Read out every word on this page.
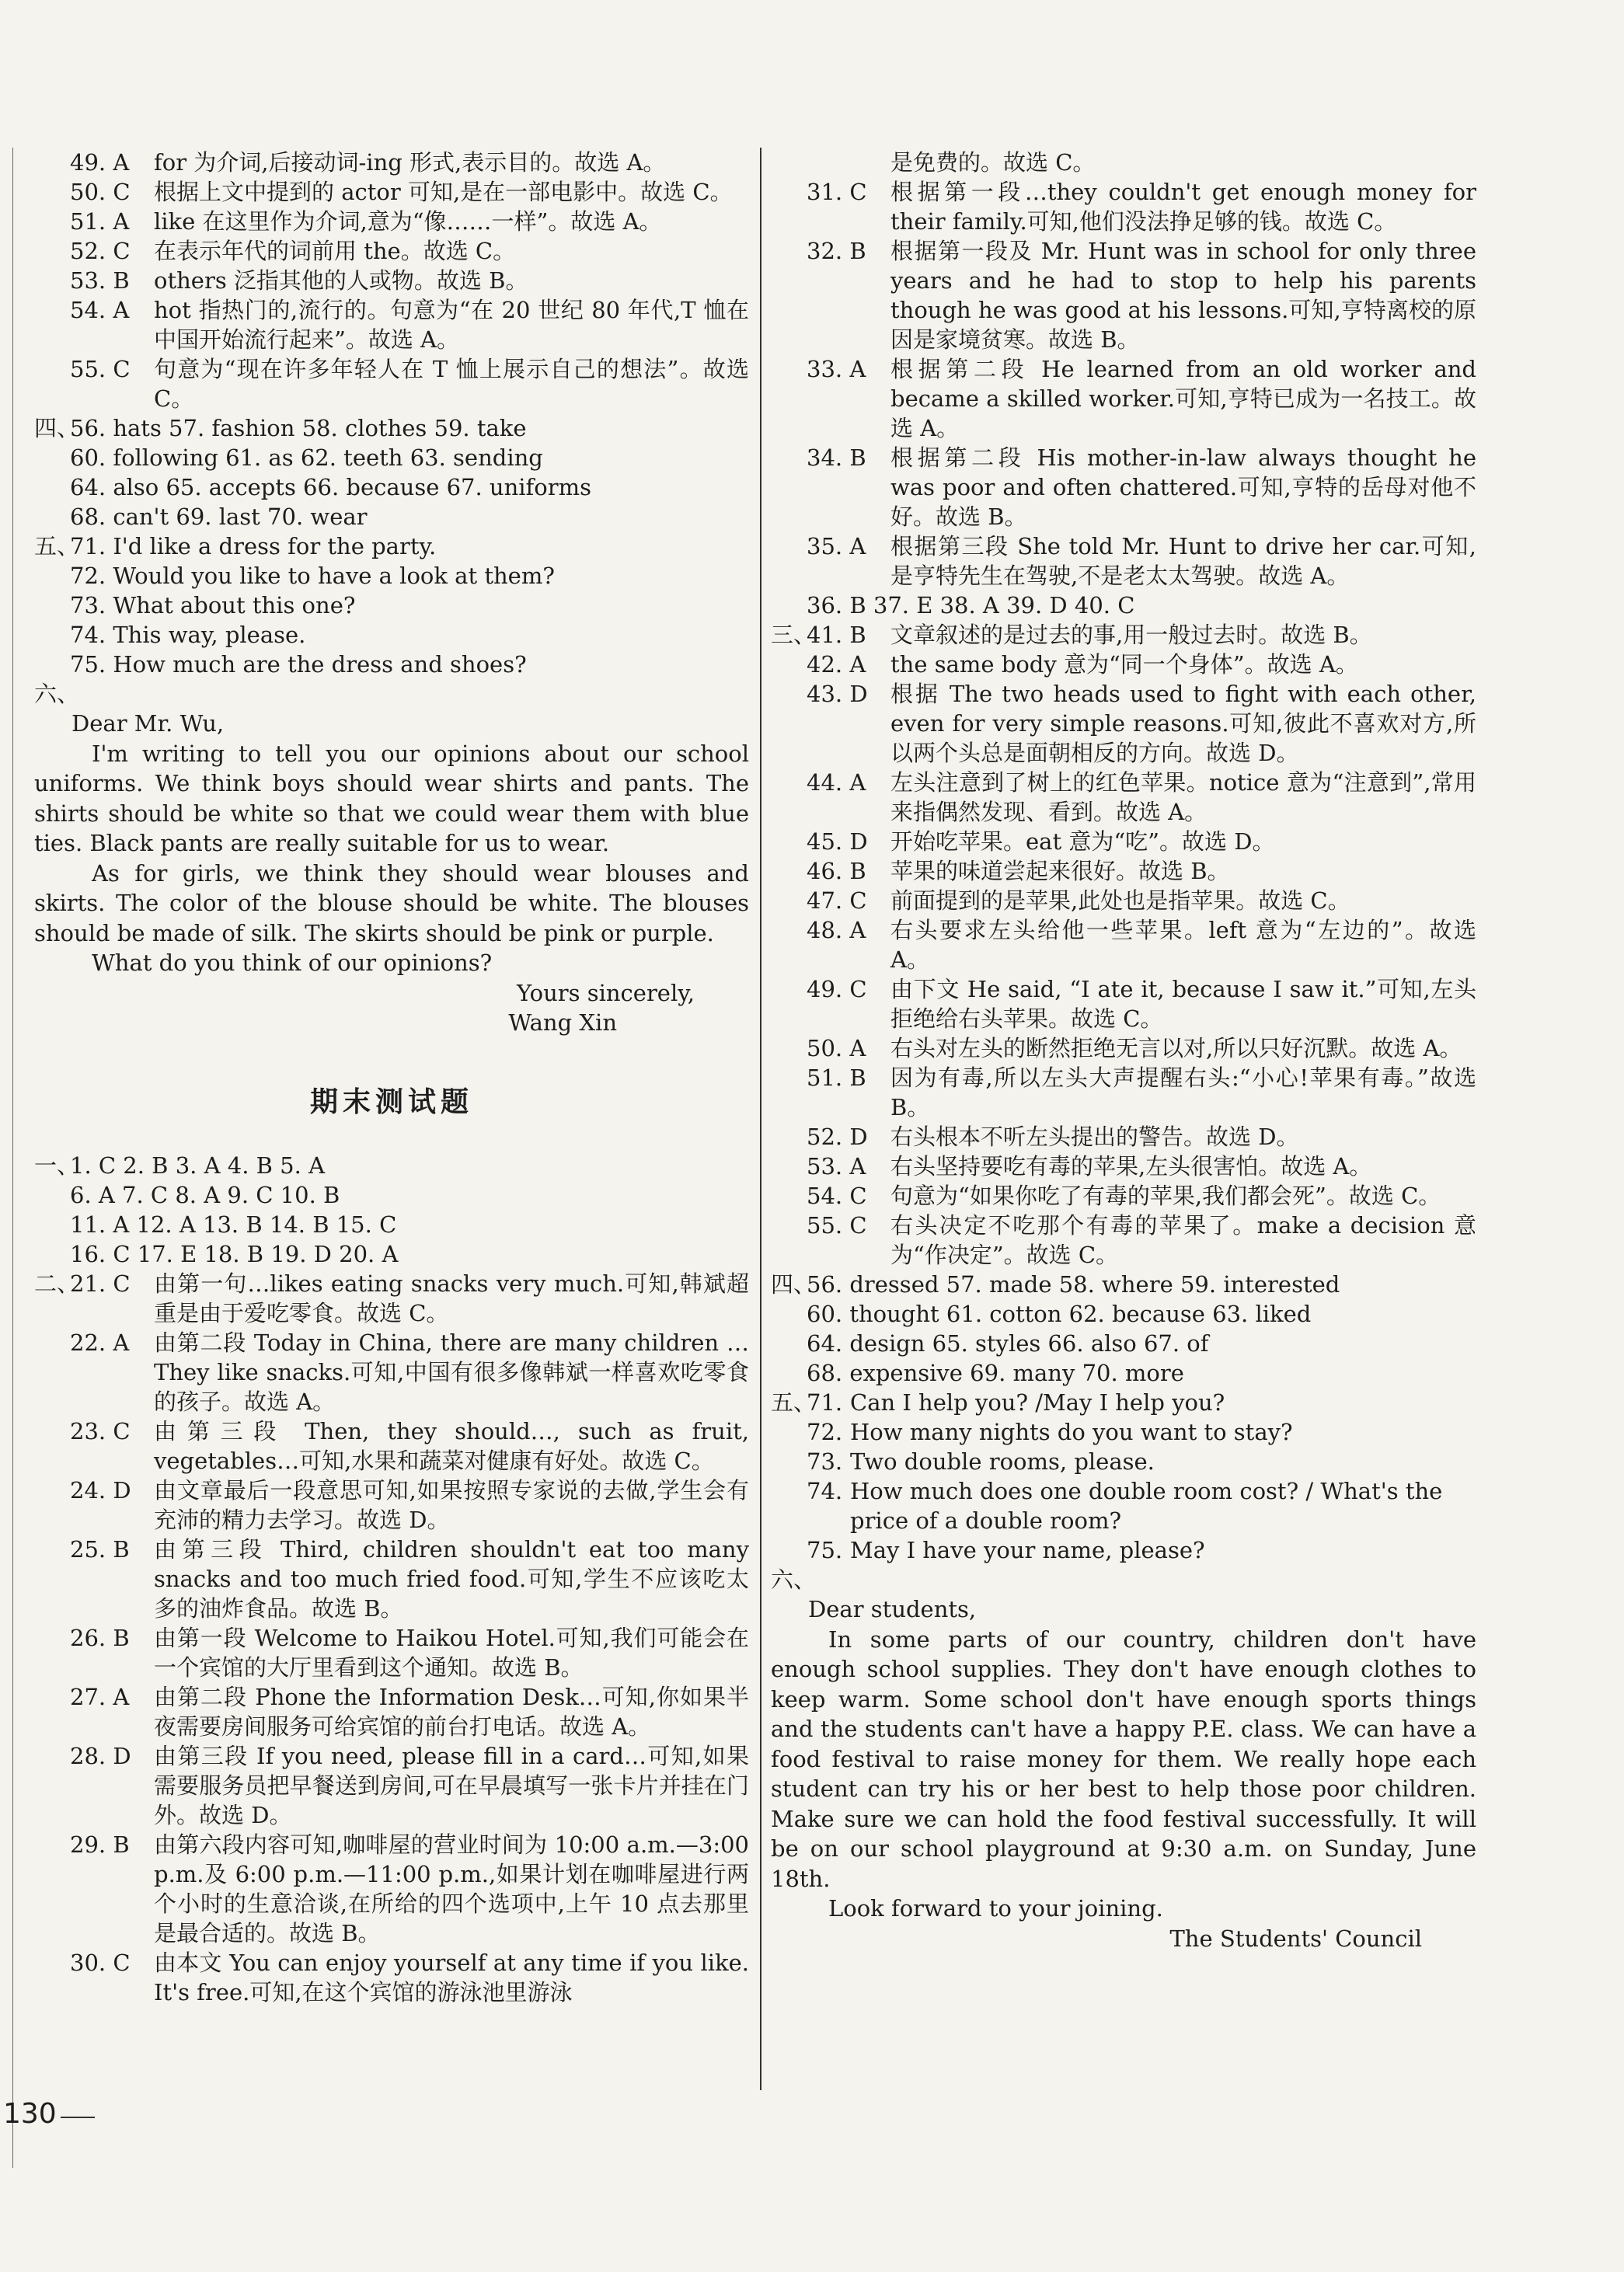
49. A	for 为介词,后接动词-ing 形式,表示目的。故选 A。
50. C	根据上文中提到的 actor 可知,是在一部电影中。故选 C。
51. A	like 在这里作为介词,意为“像……一样”。故选 A。
52. C	在表示年代的词前用 the。故选 C。
53. B	others 泛指其他的人或物。故选 B。
54. A	hot 指热门的,流行的。句意为“在 20 世纪 80 年代,T 恤在中国开始流行起来”。故选 A。
55. C	句意为“现在许多年轻人在 T 恤上展示自己的想法”。故选 C。
四、
56. hats 57. fashion 58. clothes 59. take
60. following 61. as 62. teeth 63. sending
64. also 65. accepts 66. because 67. uniforms
68. can't 69. last 70. wear
五、
71. I'd like a dress for the party.
72. Would you like to have a look at them?
73. What about this one?
74. This way, please.
75. How much are the dress and shoes?
六、

Dear Mr. Wu,

I'm writing to tell you our opinions about our school uniforms. We think boys should wear shirts and pants. The shirts should be white so that we could wear them with blue ties. Black pants are really suitable for us to wear.

As for girls, we think they should wear blouses and skirts. The color of the blouse should be white. The blouses should be made of silk. The skirts should be pink or purple.

What do you think of our opinions?

Yours sincerely,

Wang Xin

期末测试题
一、
1. C 2. B 3. A 4. B 5. A
6. A 7. C 8. A 9. C 10. B
11. A 12. A 13. B 14. B 15. C
16. C 17. E 18. B 19. D 20. A
二、
21. C	由第一句…likes eating snacks very much.可知,韩斌超重是由于爱吃零食。故选 C。
22. A	由第二段 Today in China, there are many children …They like snacks.可知,中国有很多像韩斌一样喜欢吃零食的孩子。故选 A。
23. C	由第三段 Then, they should…, such as fruit, vegetables…可知,水果和蔬菜对健康有好处。故选 C。
24. D	由文章最后一段意思可知,如果按照专家说的去做,学生会有充沛的精力去学习。故选 D。
25. B	由第三段 Third, children shouldn't eat too many snacks and too much fried food.可知,学生不应该吃太多的油炸食品。故选 B。
26. B	由第一段 Welcome to Haikou Hotel.可知,我们可能会在一个宾馆的大厅里看到这个通知。故选 B。
27. A	由第二段 Phone the Information Desk…可知,你如果半夜需要房间服务可给宾馆的前台打电话。故选 A。
28. D	由第三段 If you need, please fill in a card…可知,如果需要服务员把早餐送到房间,可在早晨填写一张卡片并挂在门外。故选 D。
29. B	由第六段内容可知,咖啡屋的营业时间为 10:00 a.m.—3:00 p.m.及 6:00 p.m.—11:00 p.m.,如果计划在咖啡屋进行两个小时的生意洽谈,在所给的四个选项中,上午 10 点去那里是最合适的。故选 B。
30. C	由本文 You can enjoy yourself at any time if you like. It's free.可知,在这个宾馆的游泳池里游泳
是免费的。故选 C。
31. C	根据第一段…they couldn't get enough money for their family.可知,他们没法挣足够的钱。故选 C。
32. B	根据第一段及 Mr. Hunt was in school for only three years and he had to stop to help his parents though he was good at his lessons.可知,亨特离校的原因是家境贫寒。故选 B。
33. A	根据第二段 He learned from an old worker and became a skilled worker.可知,亨特已成为一名技工。故选 A。
34. B	根据第二段 His mother-in-law always thought he was poor and often chattered.可知,亨特的岳母对他不好。故选 B。
35. A	根据第三段 She told Mr. Hunt to drive her car.可知,是亨特先生在驾驶,不是老太太驾驶。故选 A。
36. B 37. E 38. A 39. D 40. C
三、
41. B	文章叙述的是过去的事,用一般过去时。故选 B。
42. A	the same body 意为“同一个身体”。故选 A。
43. D	根据 The two heads used to fight with each other, even for very simple reasons.可知,彼此不喜欢对方,所以两个头总是面朝相反的方向。故选 D。
44. A	左头注意到了树上的红色苹果。notice 意为“注意到”,常用来指偶然发现、看到。故选 A。
45. D	开始吃苹果。eat 意为“吃”。故选 D。
46. B	苹果的味道尝起来很好。故选 B。
47. C	前面提到的是苹果,此处也是指苹果。故选 C。
48. A	右头要求左头给他一些苹果。left 意为“左边的”。故选 A。
49. C	由下文 He said, “I ate it, because I saw it.”可知,左头拒绝给右头苹果。故选 C。
50. A	右头对左头的断然拒绝无言以对,所以只好沉默。故选 A。
51. B	因为有毒,所以左头大声提醒右头:“小心!苹果有毒。”故选 B。
52. D	右头根本不听左头提出的警告。故选 D。
53. A	右头坚持要吃有毒的苹果,左头很害怕。故选 A。
54. C	句意为“如果你吃了有毒的苹果,我们都会死”。故选 C。
55. C	右头决定不吃那个有毒的苹果了。make a decision 意为“作决定”。故选 C。
四、
56. dressed 57. made 58. where 59. interested
60. thought 61. cotton 62. because 63. liked
64. design 65. styles 66. also 67. of
68. expensive 69. many 70. more
五、
71. Can I help you? /May I help you?
72. How many nights do you want to stay?
73. Two double rooms, please.
74. How much does one double room cost? / What's the price of a double room?
75. May I have your name, please?
六、

Dear students,

In some parts of our country, children don't have enough school supplies. They don't have enough clothes to keep warm. Some school don't have enough sports things and the students can't have a happy P.E. class. We can have a food festival to raise money for them. We really hope each student can try his or her best to help those poor children. Make sure we can hold the food festival successfully. It will be on our school playground at 9:30 a.m. on Sunday, June 18th.

Look forward to your joining.

The Students' Council

130
